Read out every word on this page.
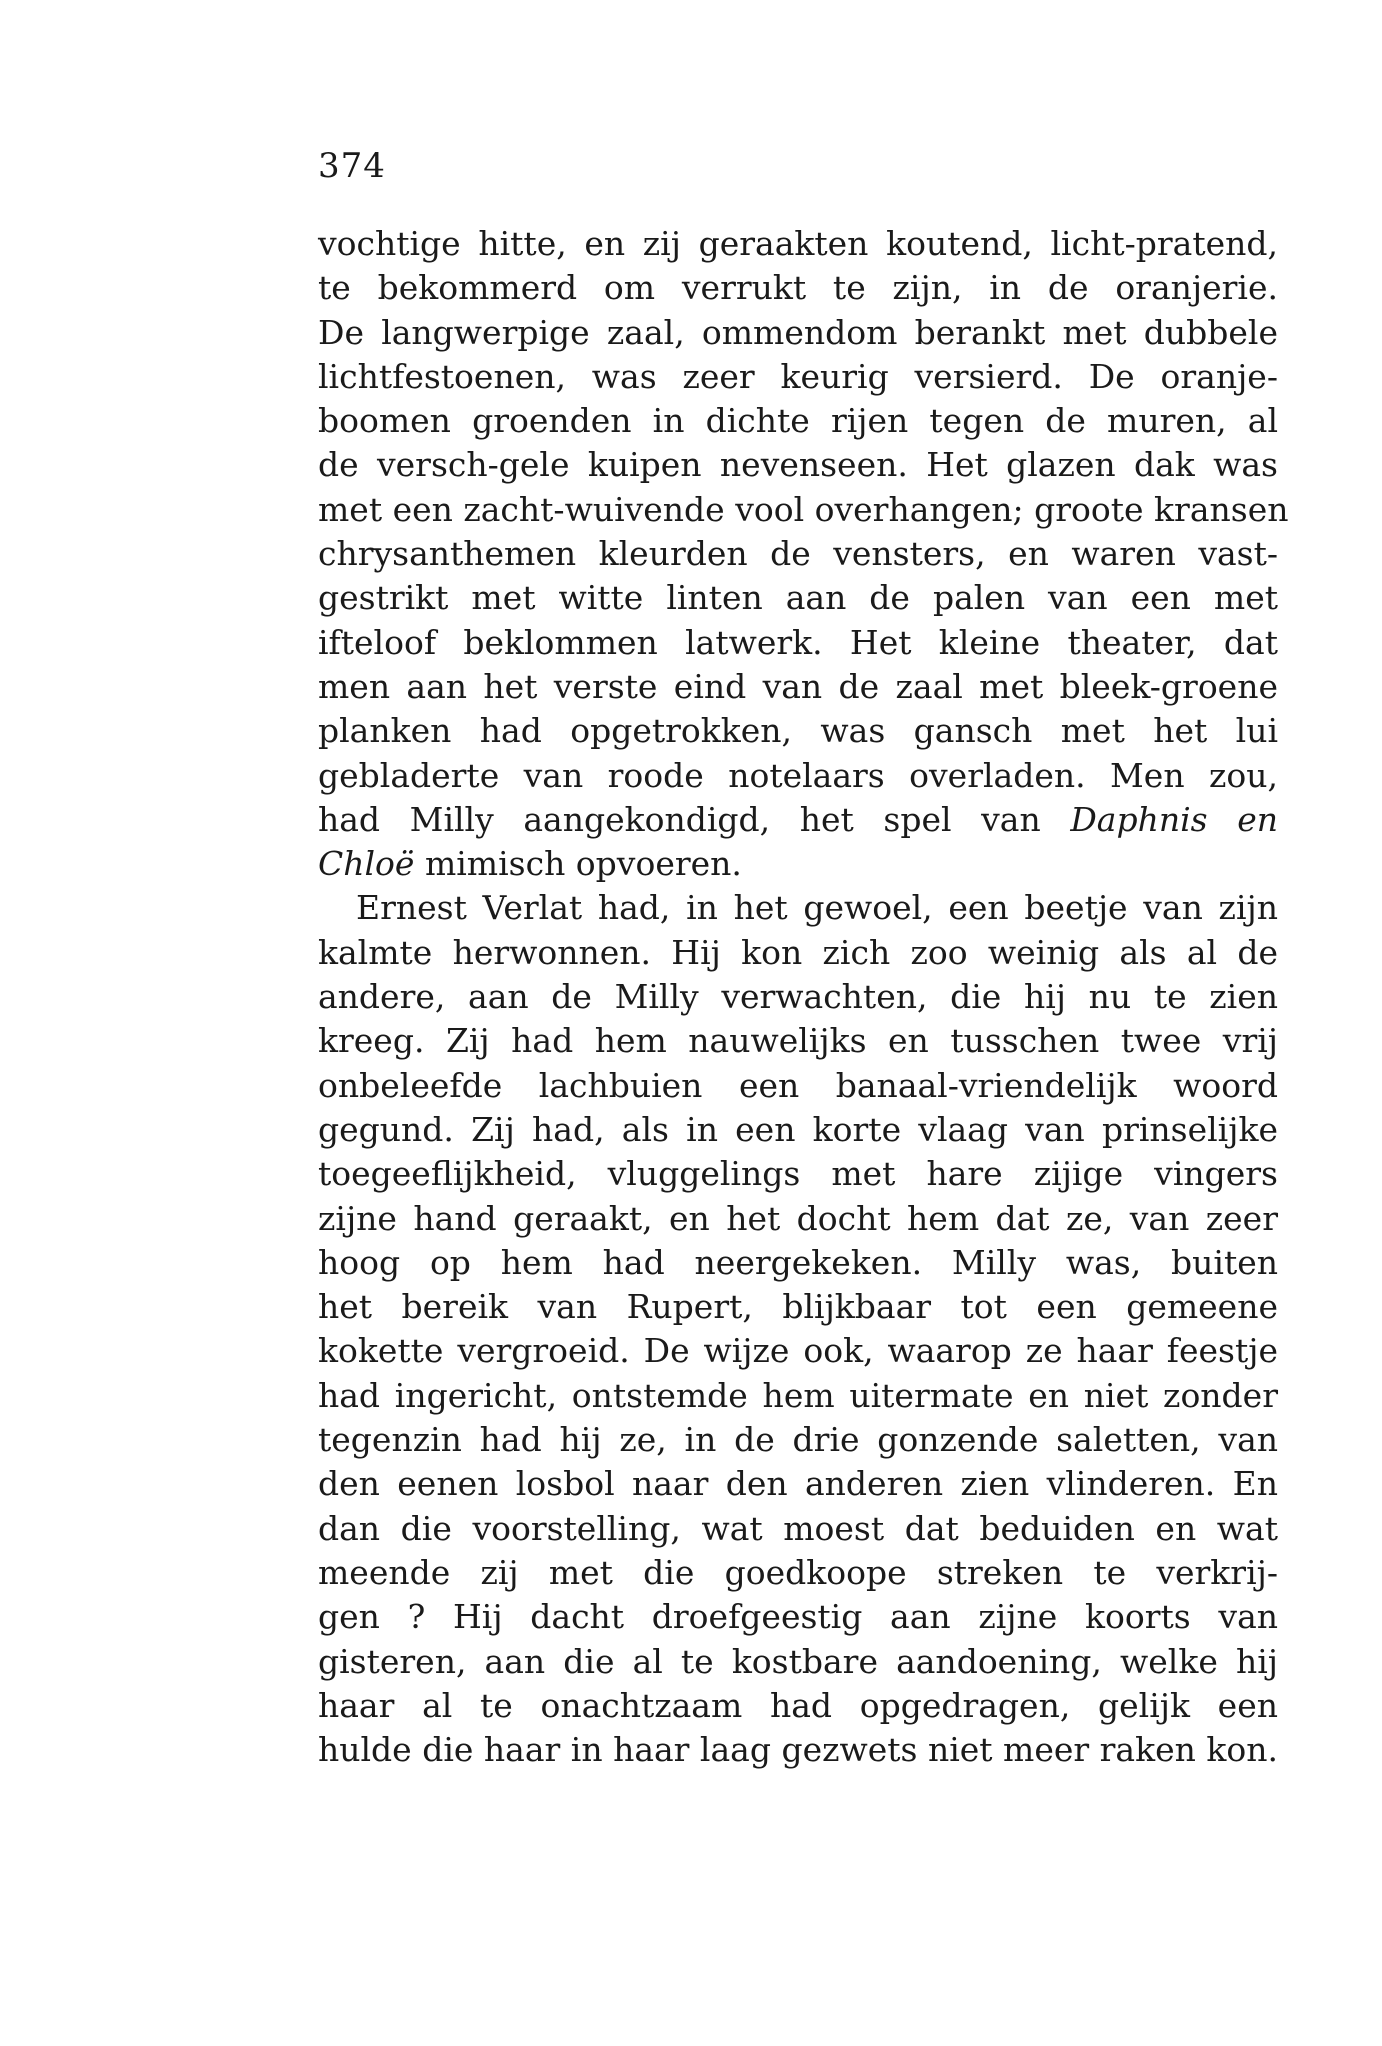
374
vochtige hitte, en zij geraakten koutend, licht-pratend,
te bekommerd om verrukt te zijn, in de oranjerie.
De langwerpige zaal, ommendom berankt met dubbele
lichtfestoenen, was zeer keurig versierd. De oranje-
boomen groenden in dichte rijen tegen de muren, al
de versch-gele kuipen nevenseen. Het glazen dak was
met een zacht-wuivende vool overhangen; groote kransen
chrysanthemen kleurden de vensters, en waren vast-
gestrikt met witte linten aan de palen van een met
ifteloof beklommen latwerk. Het kleine theater, dat
men aan het verste eind van de zaal met bleek-groene
planken had opgetrokken, was gansch met het lui
gebladerte van roode notelaars overladen. Men zou,
had Milly aangekondigd, het spel van Daphnis en
Chloë mimisch opvoeren.
Ernest Verlat had, in het gewoel, een beetje van zijn
kalmte herwonnen. Hij kon zich zoo weinig als al de
andere, aan de Milly verwachten, die hij nu te zien
kreeg. Zij had hem nauwelijks en tusschen twee vrij
onbeleefde lachbuien een banaal-vriendelijk woord
gegund. Zij had, als in een korte vlaag van prinselijke
toegeeflijkheid, vluggelings met hare zijige vingers
zijne hand geraakt, en het docht hem dat ze, van zeer
hoog op hem had neergekeken. Milly was, buiten
het bereik van Rupert, blijkbaar tot een gemeene
kokette vergroeid. De wijze ook, waarop ze haar feestje
had ingericht, ontstemde hem uitermate en niet zonder
tegenzin had hij ze, in de drie gonzende saletten, van
den eenen losbol naar den anderen zien vlinderen. En
dan die voorstelling, wat moest dat beduiden en wat
meende zij met die goedkoope streken te verkrij-
gen ? Hij dacht droefgeestig aan zijne koorts van
gisteren, aan die al te kostbare aandoening, welke hij
haar al te onachtzaam had opgedragen, gelijk een
hulde die haar in haar laag gezwets niet meer raken kon.
